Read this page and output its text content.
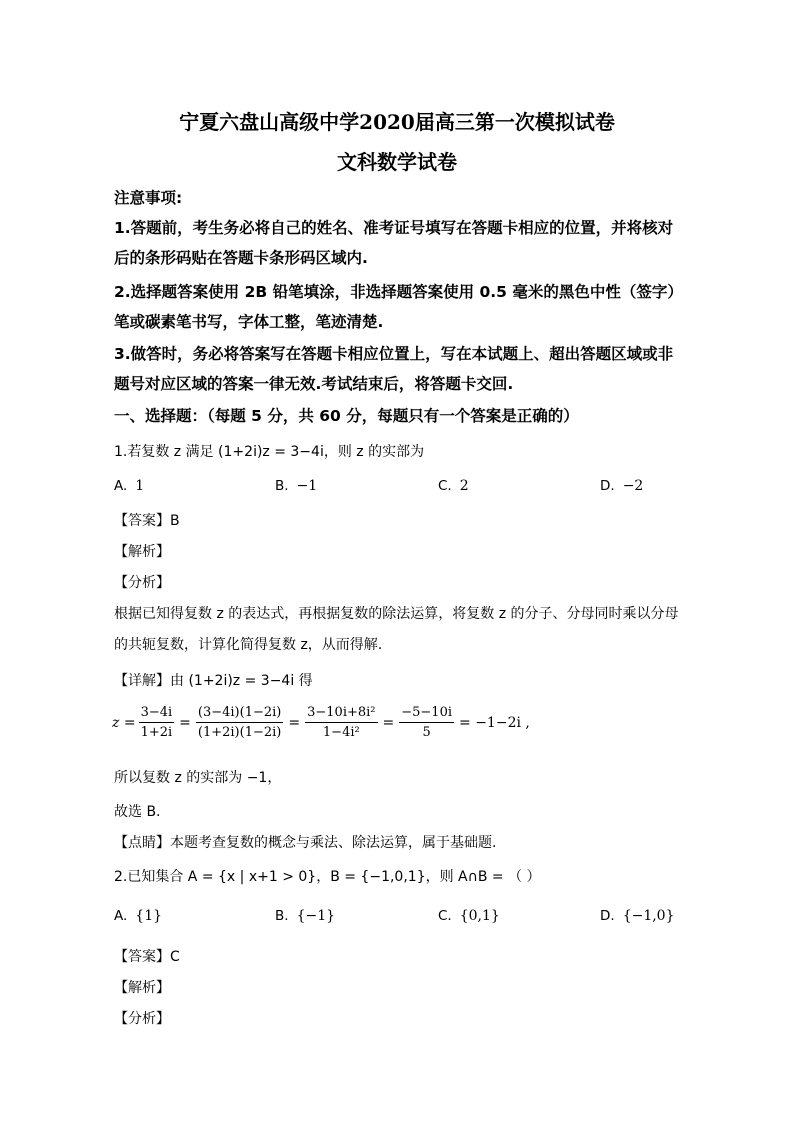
宁夏六盘山高级中学2020届高三第一次模拟试卷
文科数学试卷
注意事项:
1.答题前，考生务必将自己的姓名、准考证号填写在答题卡相应的位置，并将核对
后的条形码贴在答题卡条形码区域内.
2.选择题答案使用 2B 铅笔填涂，非选择题答案使用 0.5 毫米的黑色中性（签字）
笔或碳素笔书写，字体工整，笔迹清楚.
3.做答时，务必将答案写在答题卡相应位置上，写在本试题上、超出答题区域或非
题号对应区域的答案一律无效.考试结束后，将答题卡交回.
一、选择题：（每题 5 分，共 60 分，每题只有一个答案是正确的）
1.若复数 z 满足 (1+2i)z = 3−4i，则 z 的实部为
A. 1	B. −1	C. 2	D. −2
【答案】B
【解析】
【分析】
根据已知得复数 z 的表达式，再根据复数的除法运算，将复数 z 的分子、分母同时乘以分母
的共轭复数，计算化简得复数 z，从而得解.
【详解】由 (1+2i)z = 3−4i 得
$z = \frac{3-4i}{1+2i} = \frac{(3-4i)(1-2i)}{(1+2i)(1-2i)} = \frac{\text{3−10i+8i²}}{\text{1−4i²}} = \frac{-5-10i}{5} = -1-2i$ ,
所以复数 z 的实部为 −1，
故选 B.
【点睛】本题考查复数的概念与乘法、除法运算，属于基础题.
2.已知集合 A = {x | x+1 > 0}，B = {−1,0,1}，则 A∩B = （ ）
A. {1}	B. {−1}	C. {0,1}	D. {−1,0}
【答案】C
【解析】
【分析】
